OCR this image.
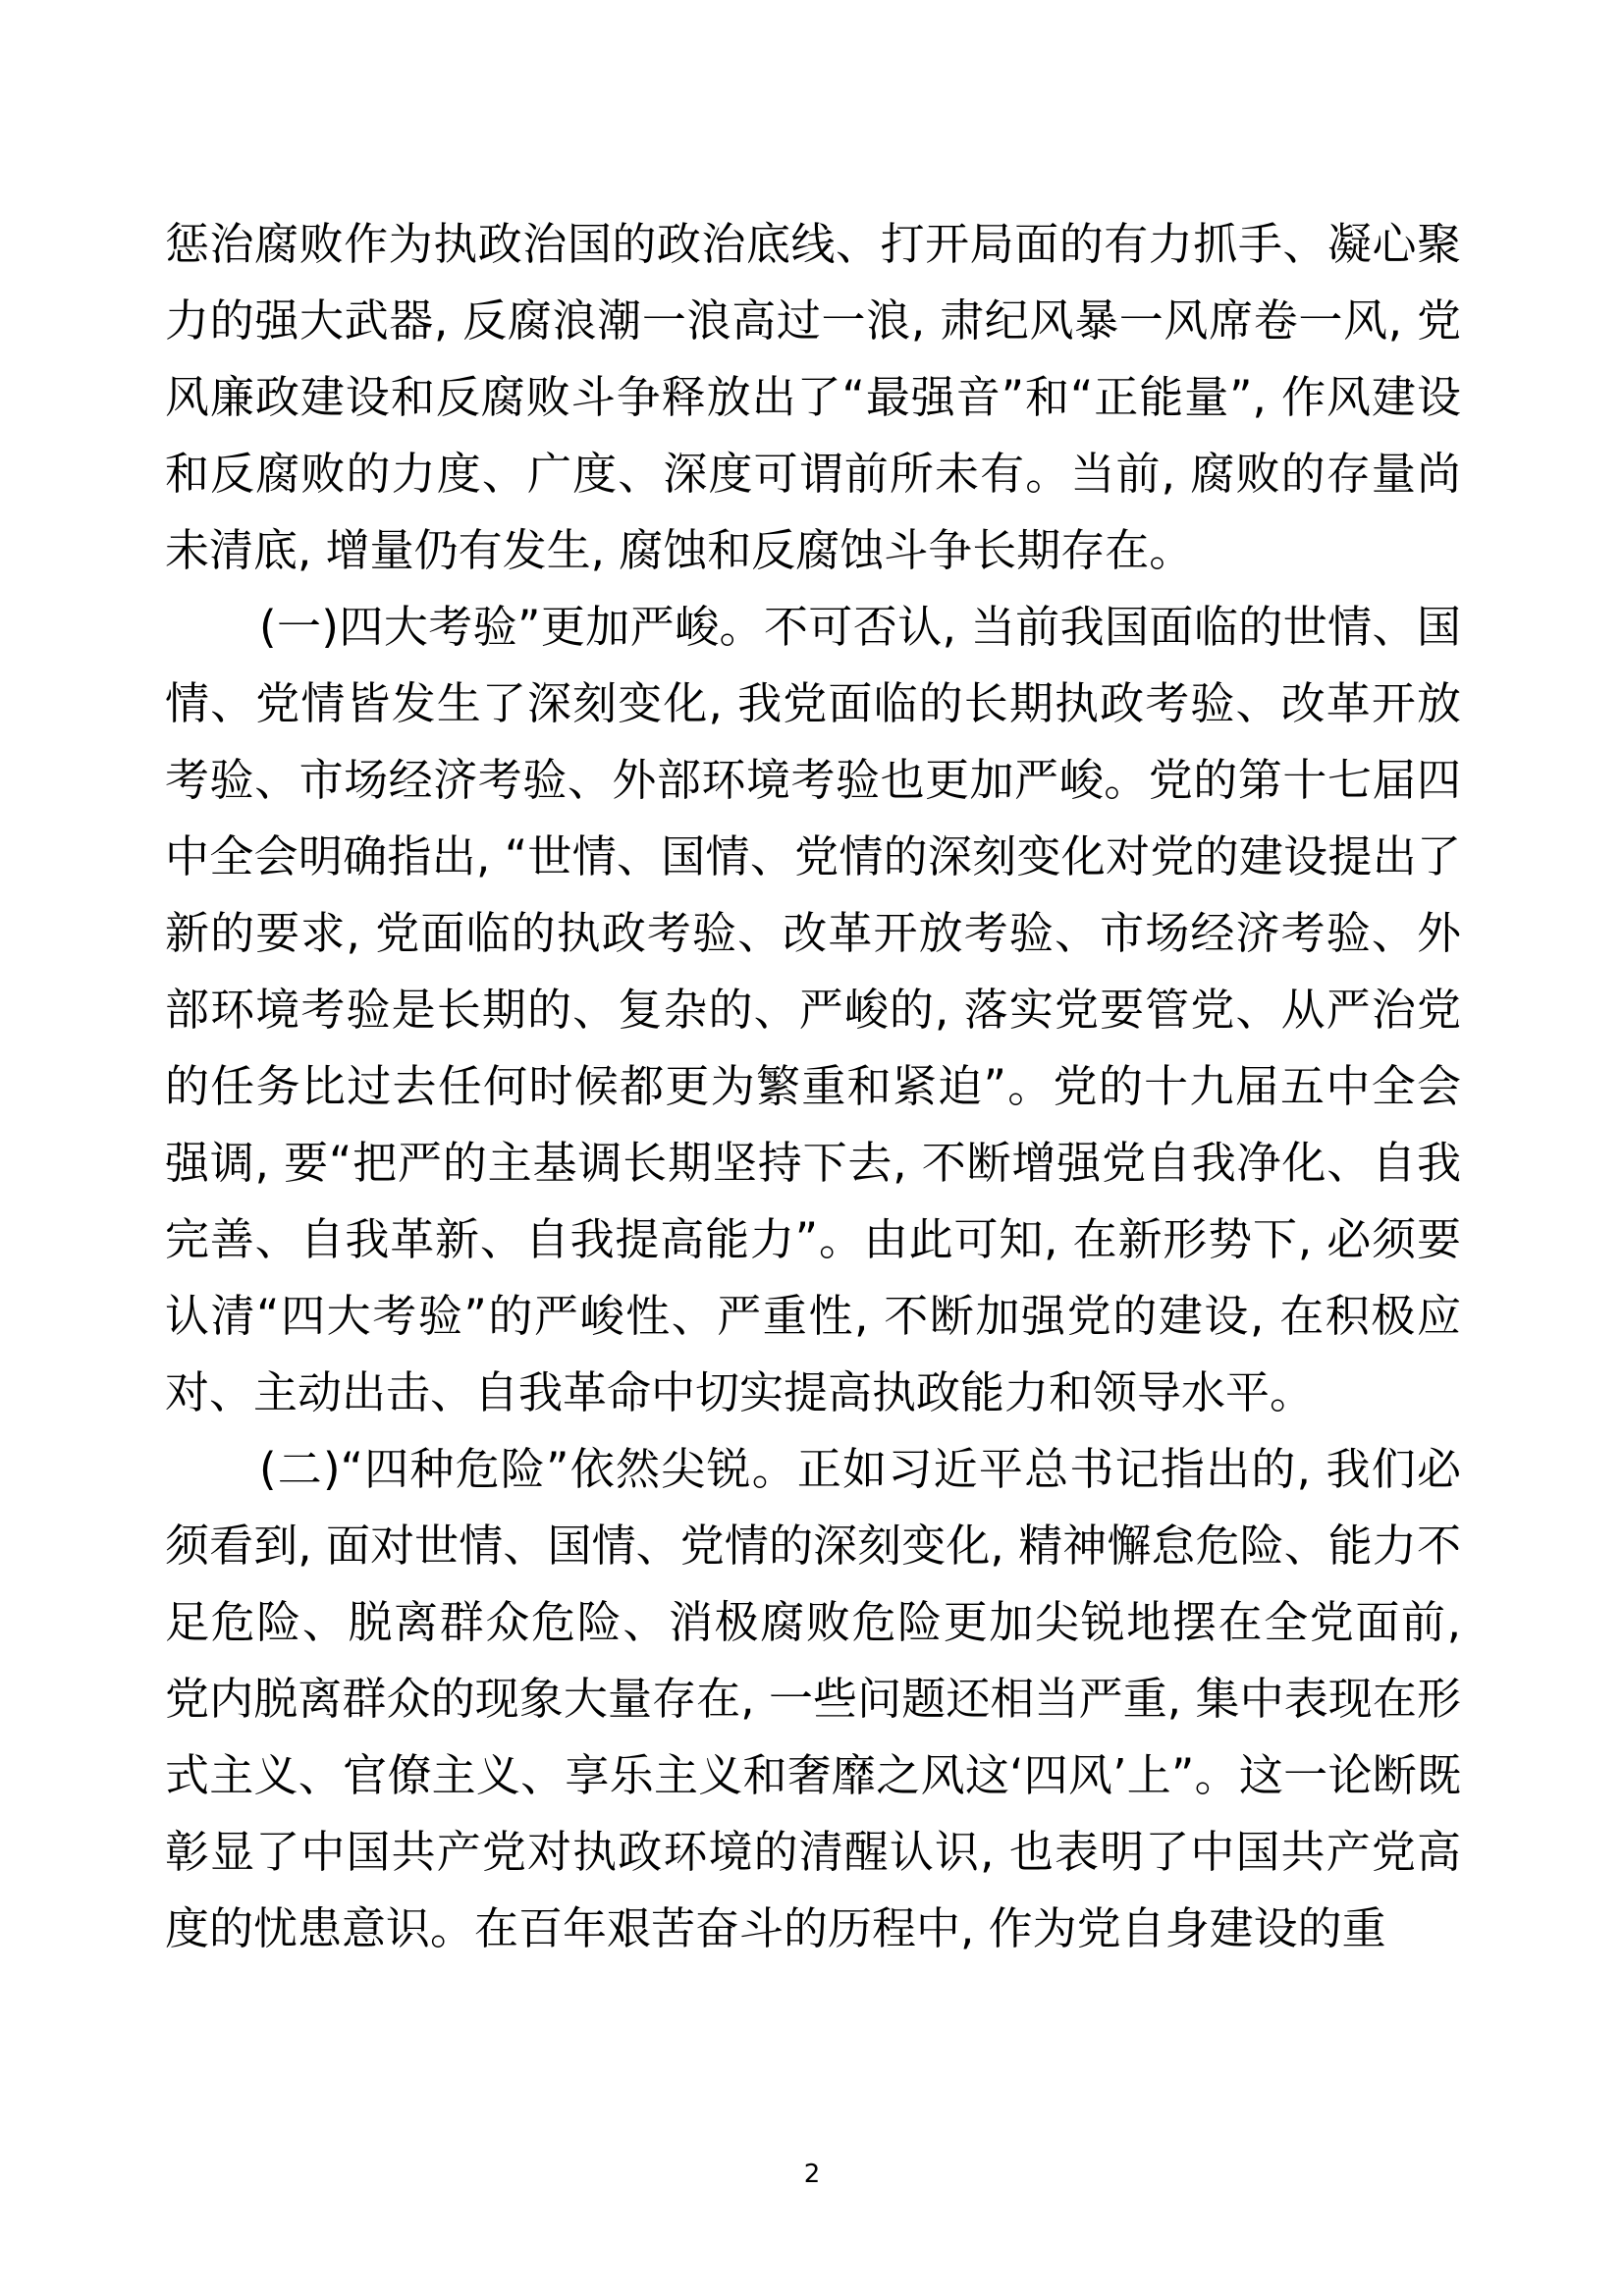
惩治腐败作为执政治国的政治底线、打开局面的有力抓手、凝心聚力的强大武器, 反腐浪潮一浪高过一浪, 肃纪风暴一风席卷一风, 党风廉政建设和反腐败斗争释放出了“最强音”和“正能量”, 作风建设和反腐败的力度、广度、深度可谓前所未有。当前, 腐败的存量尚未清底, 增量仍有发生, 腐蚀和反腐蚀斗争长期存在。

(一)四大考验”更加严峻。不可否认, 当前我国面临的世情、国情、党情皆发生了深刻变化, 我党面临的长期执政考验、改革开放考验、市场经济考验、外部环境考验也更加严峻。党的第十七届四中全会明确指出, “世情、国情、党情的深刻变化对党的建设提出了新的要求, 党面临的执政考验、改革开放考验、市场经济考验、外部环境考验是长期的、复杂的、严峻的, 落实党要管党、从严治党的任务比过去任何时候都更为繁重和紧迫”。党的十九届五中全会强调, 要“把严的主基调长期坚持下去, 不断增强党自我净化、自我完善、自我革新、自我提高能力”。由此可知, 在新形势下, 必须要认清“四大考验”的严峻性、严重性, 不断加强党的建设, 在积极应对、主动出击、自我革命中切实提高执政能力和领导水平。

(二)“四种危险”依然尖锐。正如习近平总书记指出的, 我们必须看到, 面对世情、国情、党情的深刻变化, 精神懈怠危险、能力不足危险、脱离群众危险、消极腐败危险更加尖锐地摆在全党面前, 党内脱离群众的现象大量存在, 一些问题还相当严重, 集中表现在形式主义、官僚主义、享乐主义和奢靡之风这‘四风’上”。这一论断既彰显了中国共产党对执政环境的清醒认识, 也表明了中国共产党高度的忧患意识。在百年艰苦奋斗的历程中, 作为党自身建设的重

2
